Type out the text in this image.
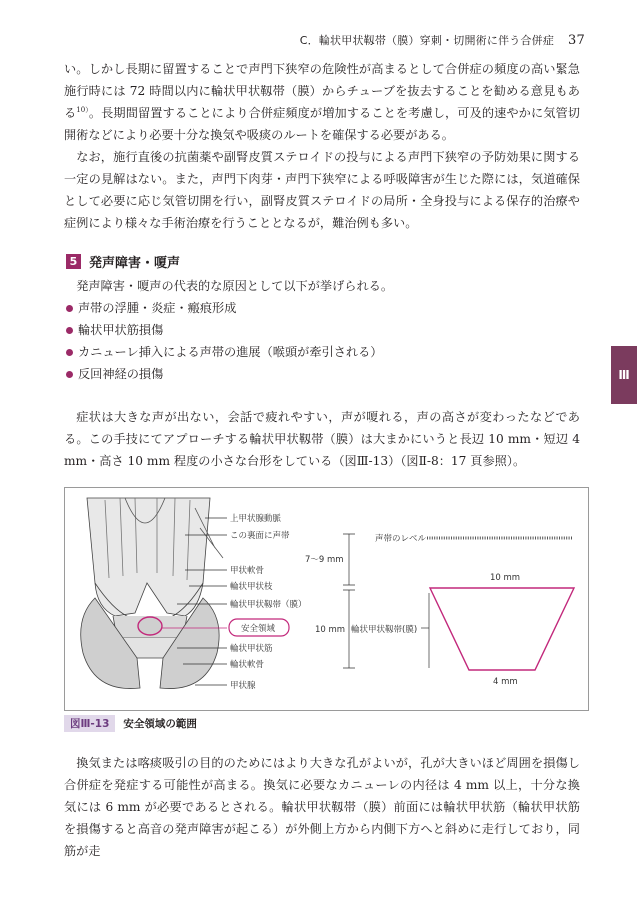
C．輪状甲状靱帯（膜）穿刺・切開術に伴う合併症 37
Ⅲ

い。しかし長期に留置することで声門下狭窄の危険性が高まるとして合併症の頻度の高い緊急施行時には 72 時間以内に輪状甲状靱帯（膜）からチューブを抜去することを勧める意見もある$^{10)}$。長期間留置することにより合併症頻度が増加することを考慮し，可及的速やかに気管切開術などにより必要十分な換気や吸痰のルートを確保する必要がある。

なお，施行直後の抗菌薬や副腎皮質ステロイドの投与による声門下狭窄の予防効果に関する一定の見解はない。また，声門下肉芽・声門下狭窄による呼吸障害が生じた際には，気道確保として必要に応じ気管切開を行い，副腎皮質ステロイドの局所・全身投与による保存的治療や症例により様々な手術治療を行うこととなるが，難治例も多い。

5 発声障害・嗄声

発声障害・嗄声の代表的な原因として以下が挙げられる。

声帯の浮腫・炎症・瘢痕形成
輪状甲状筋損傷
カニューレ挿入による声帯の進展（喉頭が牽引される）
反回神経の損傷

症状は大きな声が出ない，会話で疲れやすい，声が嗄れる，声の高さが変わったなどである。この手技にてアプローチする輪状甲状靱帯（膜）は大まかにいうと長辺 10 mm・短辺 4 mm・高さ 10 mm 程度の小さな台形をしている（図Ⅲ-13）（図Ⅱ-8：17 頁参照）。

上甲状腺動脈
この裏面に声帯
甲状軟骨
輪状甲状枝
輪状甲状靱帯（膜）
安全領域
輪状甲状筋
輪状軟骨
甲状腺
7〜9 mm
10 mm 輪状甲状靱帯(膜)
声帯のレベル
10 mm
4 mm
図Ⅲ-13	安全領域の範囲

換気または喀痰吸引の目的のためにはより大きな孔がよいが，孔が大きいほど周囲を損傷し合併症を発症する可能性が高まる。換気に必要なカニューレの内径は 4 mm 以上，十分な換気には 6 mm が必要であるとされる。輪状甲状靱帯（膜）前面には輪状甲状筋（輪状甲状筋を損傷すると高音の発声障害が起こる）が外側上方から内側下方へと斜めに走行しており，同筋が走
